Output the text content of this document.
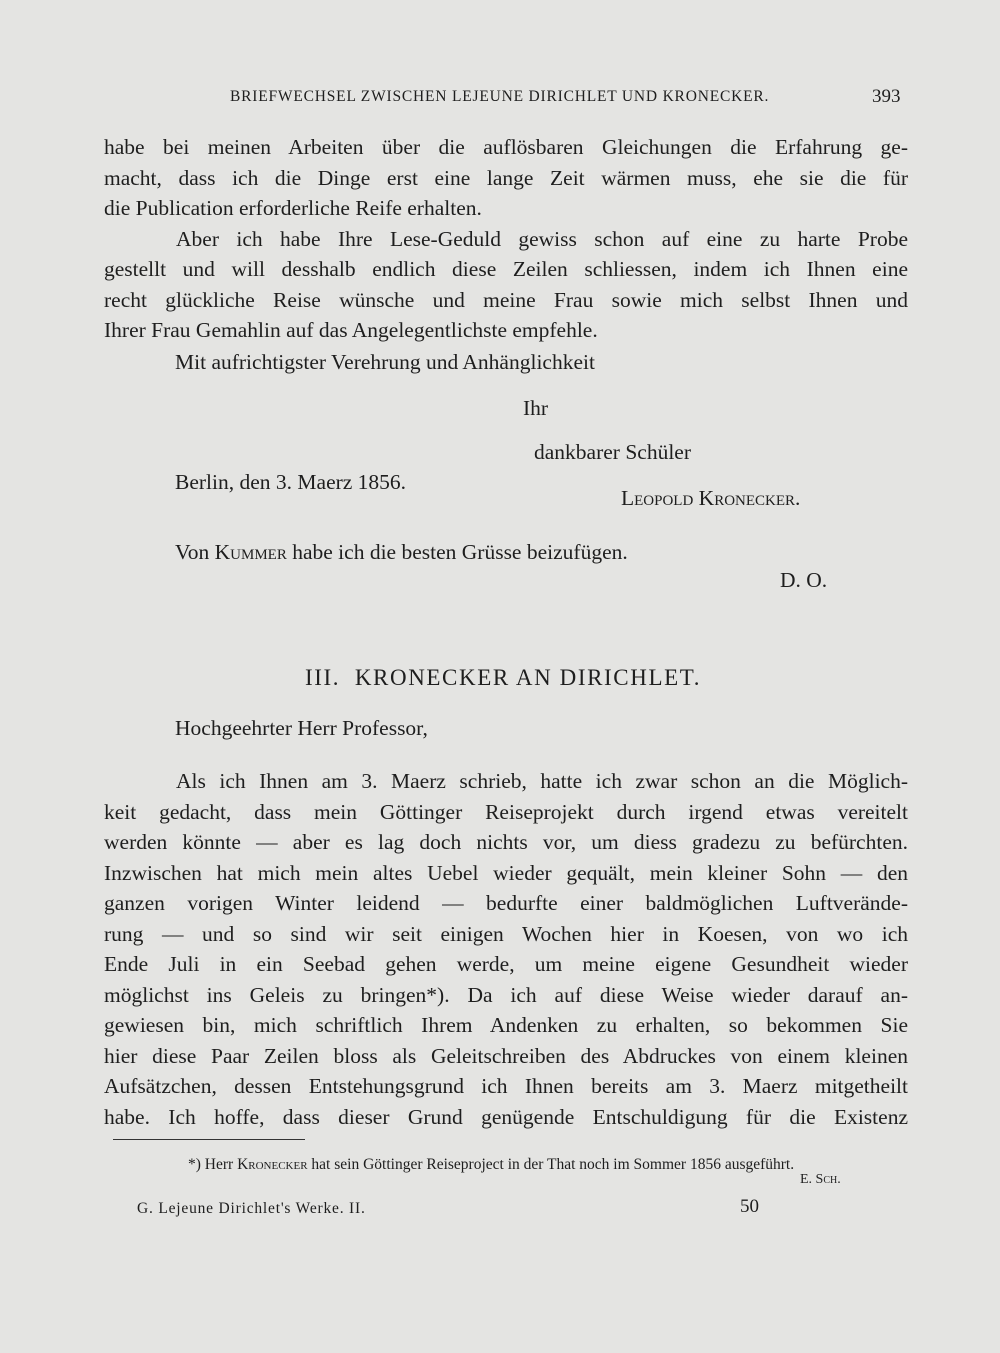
BRIEFWECHSEL ZWISCHEN LEJEUNE DIRICHLET UND KRONECKER.	393

habe bei meinen Arbeiten über die auflösbaren Gleichungen die Erfahrung ge-

macht, dass ich die Dinge erst eine lange Zeit wärmen muss, ehe sie die für

die Publication erforderliche Reife erhalten.

Aber ich habe Ihre Lese-Geduld gewiss schon auf eine zu harte Probe

gestellt und will desshalb endlich diese Zeilen schliessen, indem ich Ihnen eine

recht glückliche Reise wünsche und meine Frau sowie mich selbst Ihnen und

Ihrer Frau Gemahlin auf das Angelegentlichste empfehle.

Mit aufrichtigster Verehrung und Anhänglichkeit
Ihr
dankbarer Schüler
Berlin, den 3. Maerz 1856.
Leopold Kronecker.
Von Kummer habe ich die besten Grüsse beizufügen.
D. O.
III.  KRONECKER AN DIRICHLET.
Hochgeehrter Herr Professor,

Als ich Ihnen am 3. Maerz schrieb, hatte ich zwar schon an die Möglich-

keit gedacht, dass mein Göttinger Reiseprojekt durch irgend etwas vereitelt

werden könnte — aber es lag doch nichts vor, um diess gradezu zu befürchten.

Inzwischen hat mich mein altes Uebel wieder gequält, mein kleiner Sohn — den

ganzen vorigen Winter leidend — bedurfte einer baldmöglichen Luftverände-

rung — und so sind wir seit einigen Wochen hier in Koesen, von wo ich

Ende Juli in ein Seebad gehen werde, um meine eigene Gesundheit wieder

möglichst ins Geleis zu bringen*). Da ich auf diese Weise wieder darauf an-

gewiesen bin, mich schriftlich Ihrem Andenken zu erhalten, so bekommen Sie

hier diese Paar Zeilen bloss als Geleitschreiben des Abdruckes von einem kleinen

Aufsätzchen, dessen Entstehungsgrund ich Ihnen bereits am 3. Maerz mitgetheilt

habe. Ich hoffe, dass dieser Grund genügende Entschuldigung für die Existenz

*) Herr Kronecker hat sein Göttinger Reiseproject in der That noch im Sommer 1856 ausgeführt.
E. Sch.
G. Lejeune Dirichlet's Werke. II.	50
